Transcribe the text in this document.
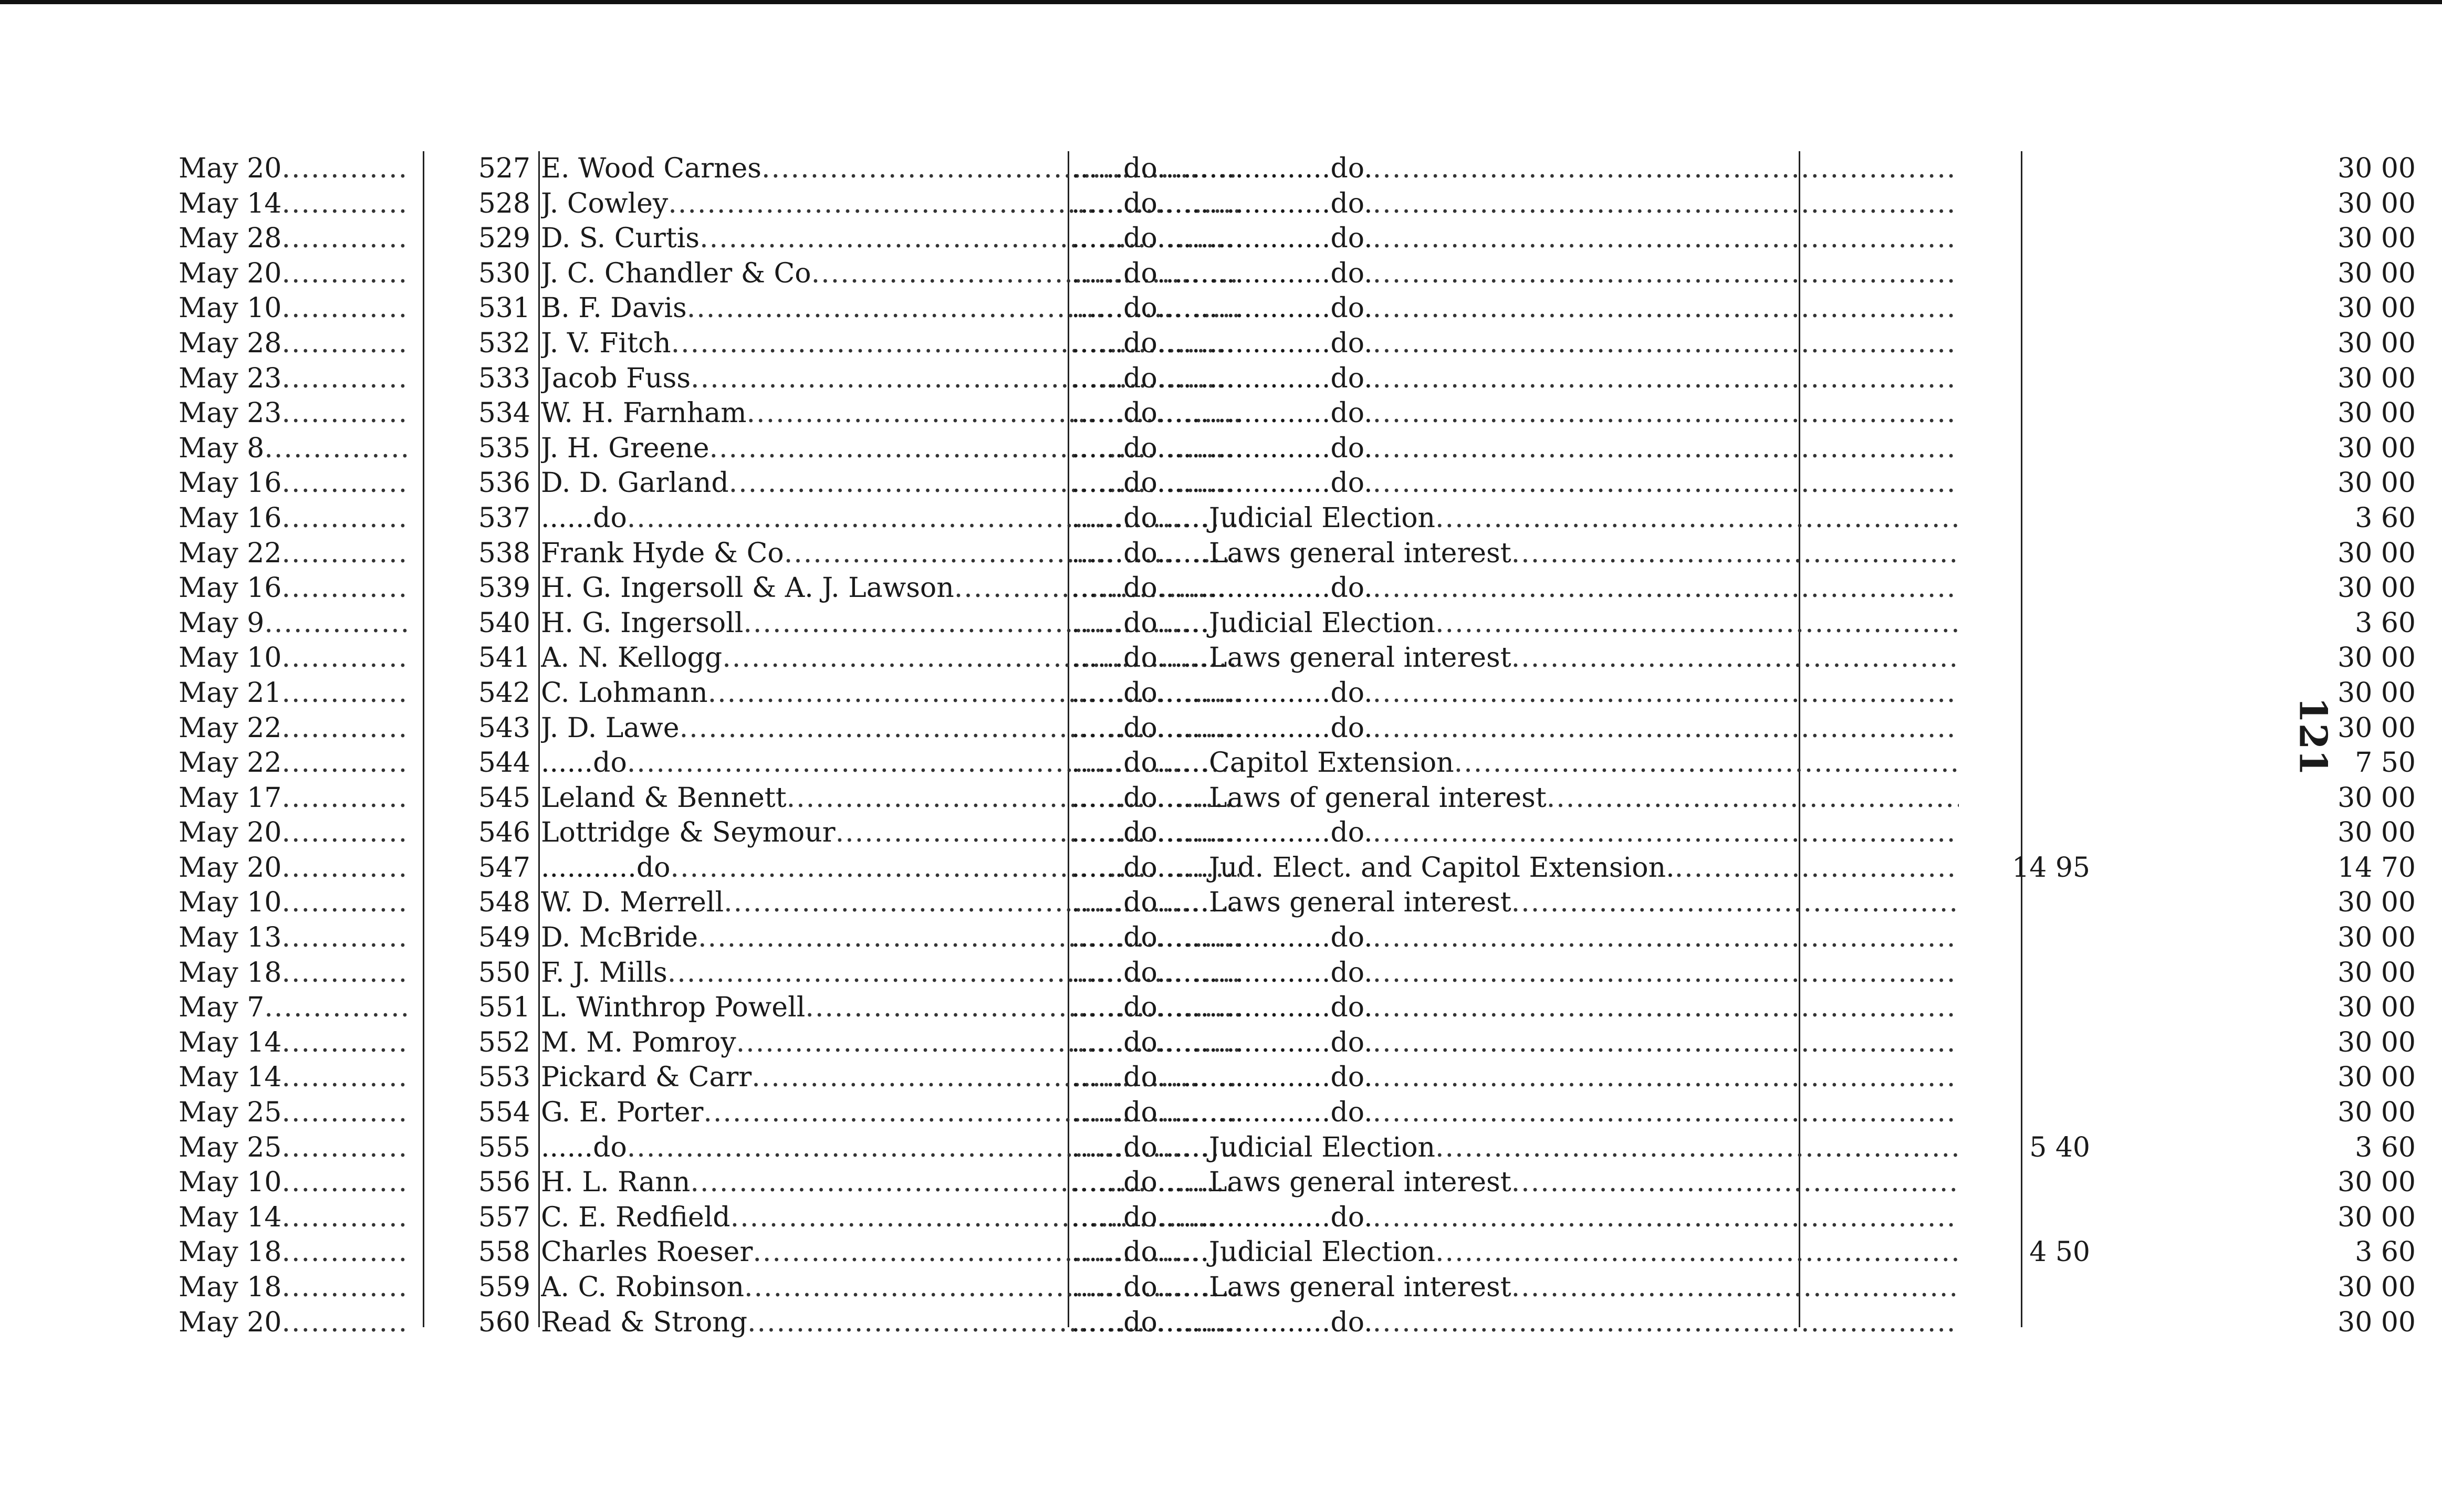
May 20 .....	527 E. Wood Carnes .....	......do....................do. .....	30 00
May 14 .....	528 J. Cowley .....	......do....................do. .....	30 00
May 28 .....	529 D. S. Curtis .....	......do....................do. .....	30 00
May 20 .....	530 J. C. Chandler & Co .....	......do....................do. .....	30 00
May 10 .....	531 B. F. Davis .....	......do....................do. .....	30 00
May 28 .....	532 J. V. Fitch .....	......do....................do. .....	30 00
May 23 .....	533 Jacob Fuss .....	......do....................do. .....	30 00
May 23 .....	534 W. H. Farnham .....	......do....................do. .....	30 00
May 8 .....	535 J. H. Greene .....	......do....................do. .....	30 00
May 16 .....	536 D. D. Garland .....	......do....................do. .....	30 00
May 16 .....	537 ......do .....	......do......Judicial Election .....	3 60
May 22 .....	538 Frank Hyde & Co .....	......do......Laws general interest .....	30 00
May 16 .....	539 H. G. Ingersoll & A. J. Lawson .....	......do....................do. .....	30 00
May 9 .....	540 H. G. Ingersoll .....	......do......Judicial Election .....	3 60
May 10 .....	541 A. N. Kellogg .....	......do......Laws general interest .....	30 00
May 21 .....	542 C. Lohmann .....	......do....................do. .....	30 00
May 22 .....	543 J. D. Lawe .....	......do....................do. .....	30 00
May 22 .....	544 ......do .....	......do......Capitol Extension .....	7 50
May 17 .....	545 Leland & Bennett .....	......do......Laws of general interest .....	30 00
May 20 .....	546 Lottridge & Seymour .....	......do....................do. .....	30 00
May 20 .....	547 ...........do .....	......do......Jud. Elect. and Capitol Extension. .....	14 95	14 70
May 10 .....	548 W. D. Merrell .....	......do......Laws general interest .....	30 00
May 13 .....	549 D. McBride .....	......do....................do. .....	30 00
May 18 .....	550 F. J. Mills .....	......do....................do. .....	30 00
May 7 .....	551 L. Winthrop Powell .....	......do....................do. .....	30 00
May 14 .....	552 M. M. Pomroy .....	......do....................do. .....	30 00
May 14 .....	553 Pickard & Carr .....	......do....................do. .....	30 00
May 25 .....	554 G. E. Porter .....	......do....................do. .....	30 00
May 25 .....	555 ......do .....	......do......Judicial Election .....	5 40	3 60
May 10 .....	556 H. L. Rann .....	......do......Laws general interest .....	30 00
May 14 .....	557 C. E. Redfield .....	......do....................do. .....	30 00
May 18 .....	558 Charles Roeser .....	......do......Judicial Election .....	4 50	3 60
May 18 .....	559 A. C. Robinson .....	......do......Laws general interest .....	30 00
May 20 .....	560 Read & Strong .....	......do....................do. .....	30 00
121
